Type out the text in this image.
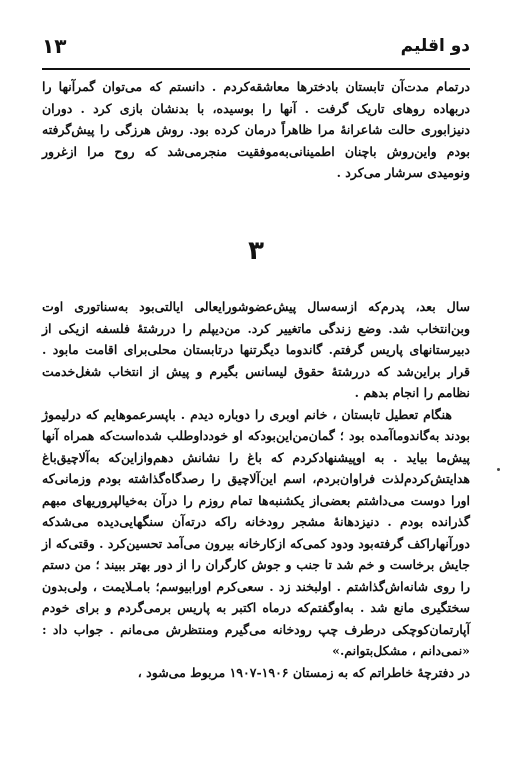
دو اقلیم
۱۳

درتمام مدت‌آن تابستان بادخترها معاشقه‌کردم . دانستم که می‌توان گمرآنها را دربهاده روهای تاریک گرفت . آنها را بوسیده، با بدنشان بازی کرد . دوران دنیزابوری حالت شاعرانهٔ مرا ظاهراً درمان کرده بود. روش هرزگی را پیش‌گرفته بودم واین‌روش باچنان اطمینانی‌به‌موفقیت منجرمی‌شد که روح مرا ازغرور ونومیدی سرشار می‌کرد .

۳

سال بعد، پدرم‌که ازسه‌سال پیش‌عضوشورایعالی ایالتی‌بود به‌سناتوری اوت وبن‌انتخاب شد. وضع زندگی ماتغییر کرد. من‌دیپلم را دررشتهٔ فلسفه ازیکی از دبیرستانهای پاریس گرفتم. گاندوما دیگرتنها درتابستان محلی‌برای اقامت مابود . قرار براین‌شد که دررشتهٔ حقوق لیسانس بگیرم و پیش از انتخاب شغل‌خدمت نظامم را انجام بدهم .

هنگام تعطیل تابستان ، خانم اوبری را دوباره دیدم . باپسرعموهایم که درلیموژ بودند به‌گاندوماآمده بود ؛ گمان‌من‌این‌بودکه او خودداوطلب شده‌است‌که همراه آنها پیش‌ما بیاید . به اوپیشنهادکردم که باغ را نشانش دهم‌وازاین‌که به‌آلاچیق‌باغ هدایتش‌کردم‌لذت فراوان‌بردم، اسم این‌آلاچیق را رصدگاه‌گذاشته بودم وزمانی‌که اورا دوست می‌داشتم بعضی‌از یکشنبه‌ها تمام روزم را درآن به‌خیالپروریهای مبهم گذرانده بودم . دنیزدهانهٔ مشجر رودخانه راکه درته‌آن سنگهایی‌دیده می‌شدکه دورآنهارا‌کف گرفته‌بود ودود کمی‌که ازکارخانه بیرون می‌آمد تحسین‌کرد . وقتی‌که از جایش برخاست و خم شد تا جنب و جوش کارگران را از دور بهتر ببیند ؛ من دستم را روی شانه‌اش‌گذاشتم . اولبخند زد . سعی‌کرم اورابیوسم؛ بامـلایمت ، ولی‌بدون سختگیری مانع شد . به‌اوگفتم‌که درماه اکتبر به پاریس برمی‌گردم و برای خودم آپارتمان‌کوچکی درطرف چپ رودخانه می‌گیرم ومنتظرش می‌مانم . جواب داد : «نمی‌دانم ، مشکل‌بتوانم.»

در دفترچهٔ خاطراتم که به زمستان ۱۹۰۶-۱۹۰۷ مربوط می‌شود ،
